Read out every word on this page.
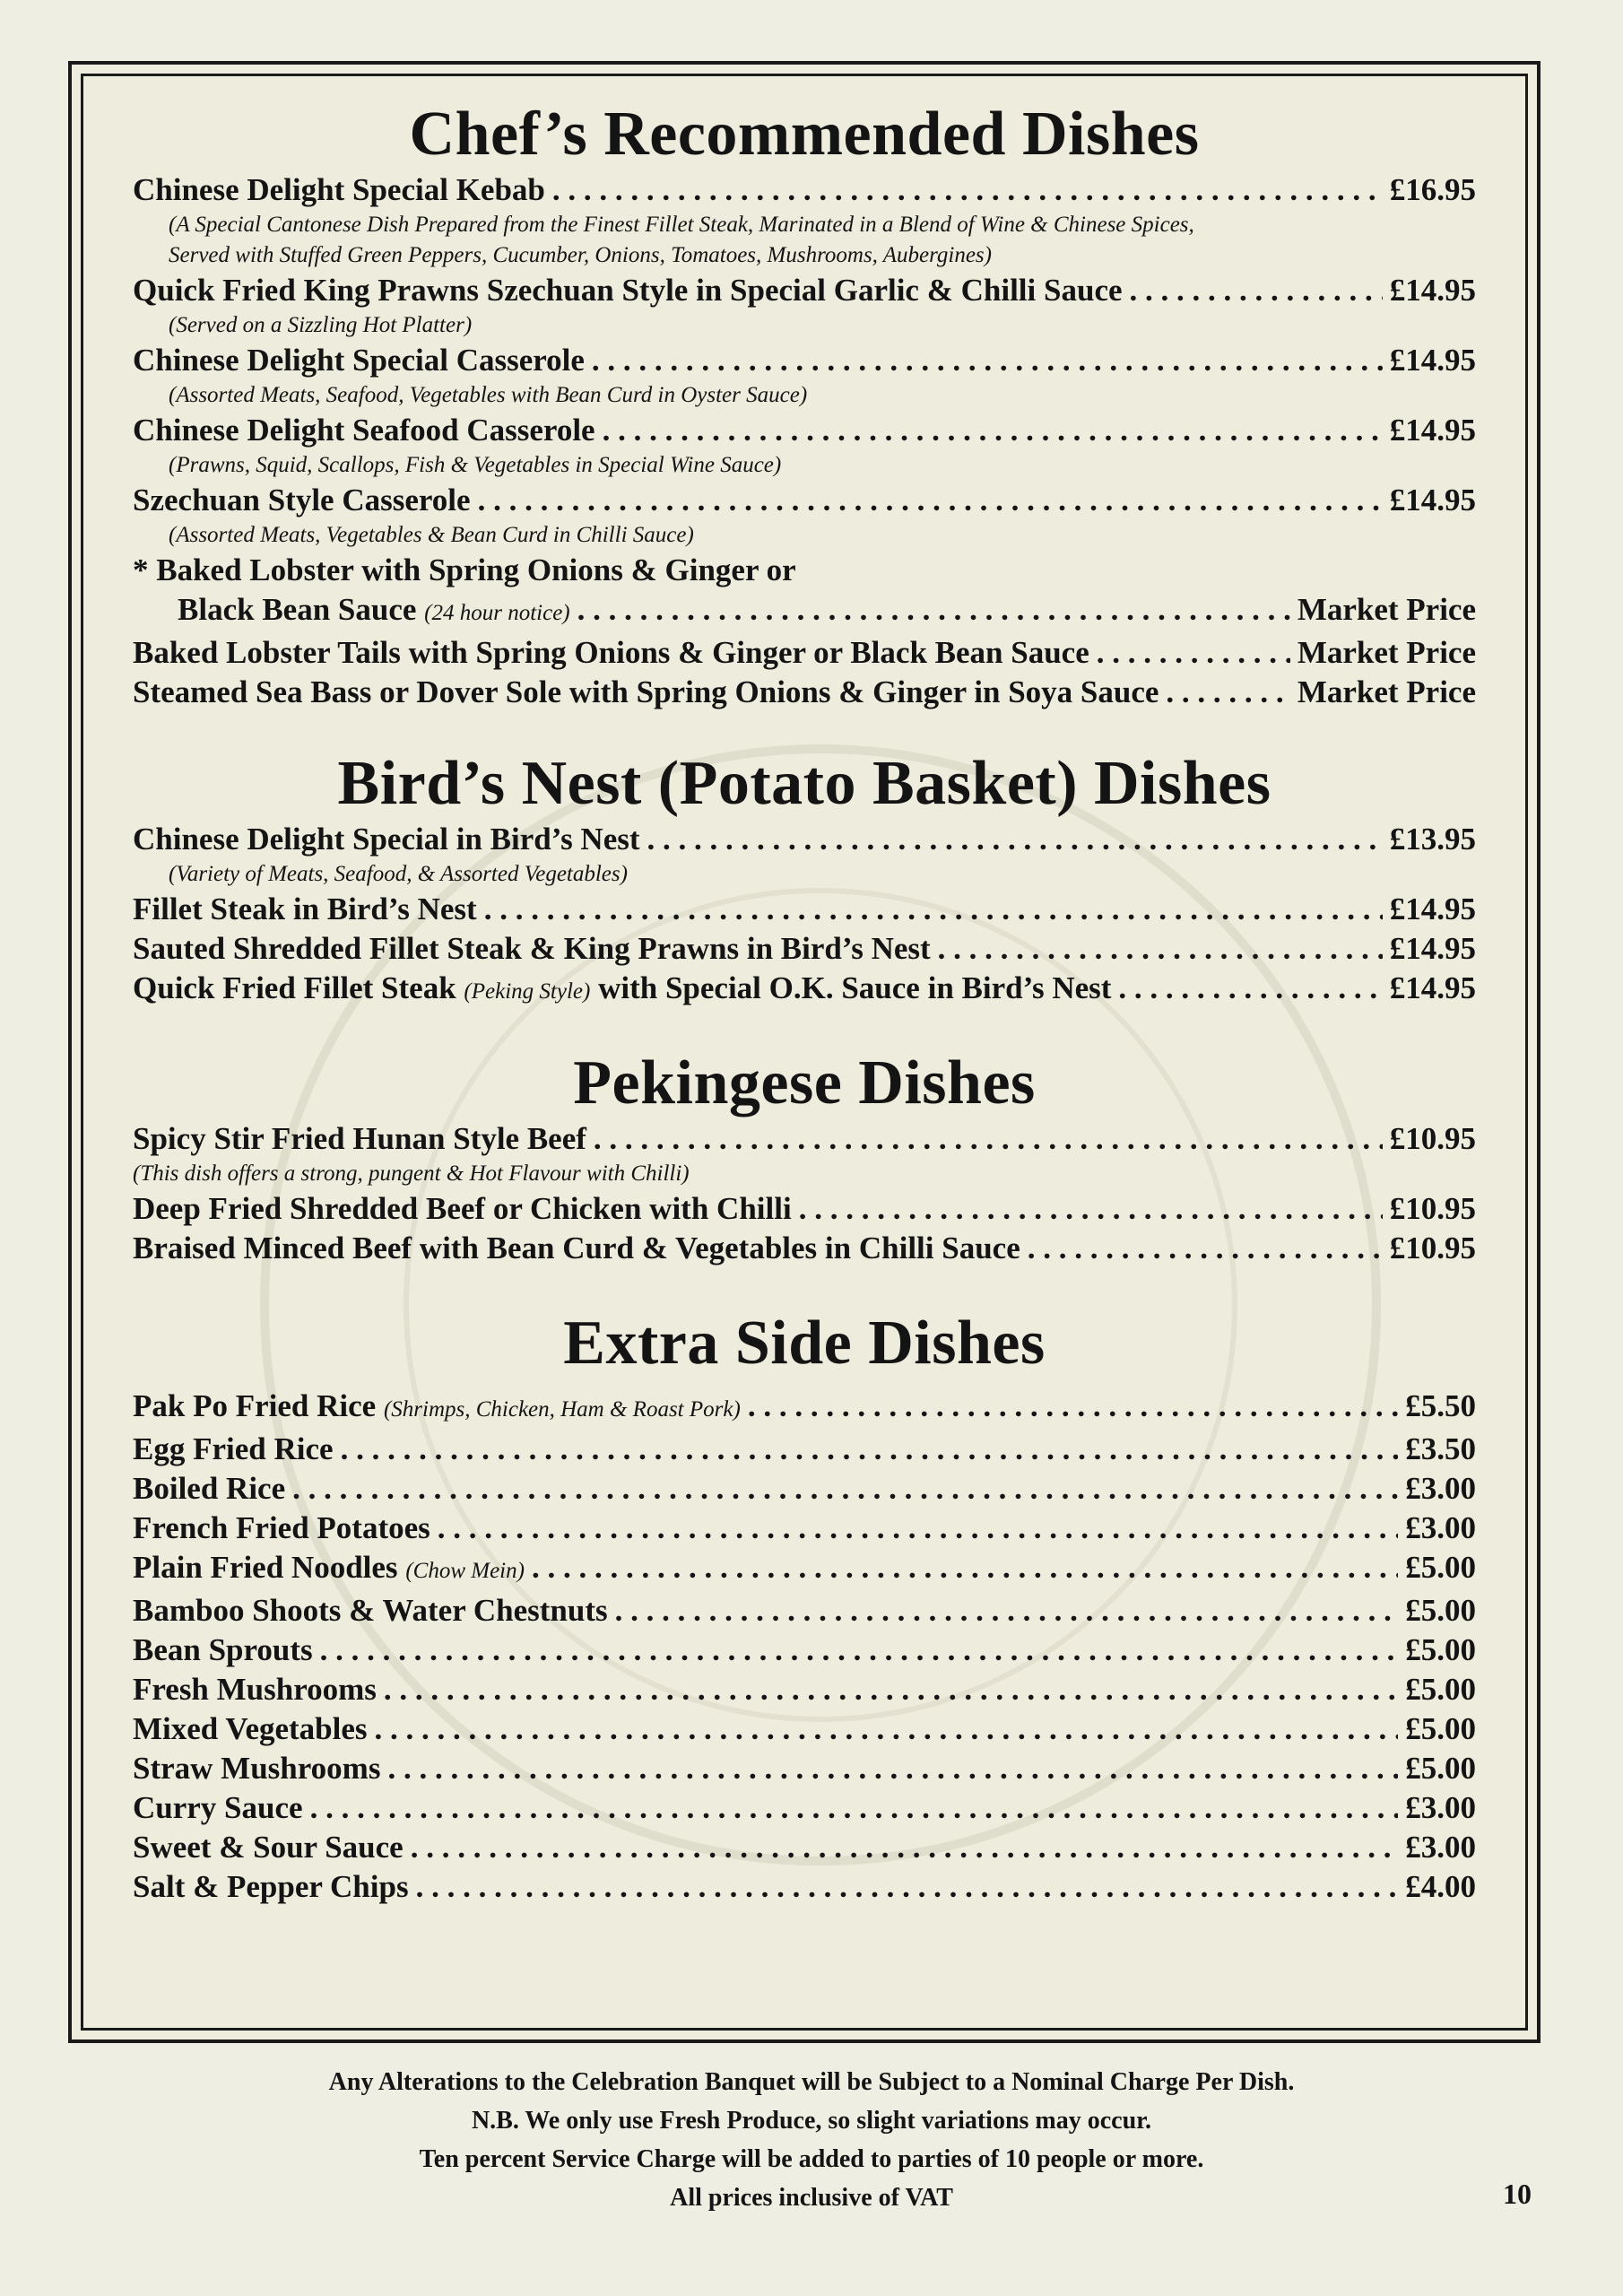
Chef’s Recommended Dishes
Chinese Delight Special Kebab . . .	£16.95
(A Special Cantonese Dish Prepared from the Finest Fillet Steak, Marinated in a Blend of Wine & Chinese Spices,
Served with Stuffed Green Peppers, Cucumber, Onions, Tomatoes, Mushrooms, Aubergines)
Quick Fried King Prawns Szechuan Style in Special Garlic & Chilli Sauce . . .	£14.95
(Served on a Sizzling Hot Platter)
Chinese Delight Special Casserole . . .	£14.95
(Assorted Meats, Seafood, Vegetables with Bean Curd in Oyster Sauce)
Chinese Delight Seafood Casserole . . .	£14.95
(Prawns, Squid, Scallops, Fish & Vegetables in Special Wine Sauce)
Szechuan Style Casserole . . .	£14.95
(Assorted Meats, Vegetables & Bean Curd in Chilli Sauce)
* Baked Lobster with Spring Onions & Ginger or
Black Bean Sauce (24 hour notice) . . .	Market Price
Baked Lobster Tails with Spring Onions & Ginger or Black Bean Sauce . . .	Market Price
Steamed Sea Bass or Dover Sole with Spring Onions & Ginger in Soya Sauce . . .	Market Price
Bird’s Nest (Potato Basket) Dishes
Chinese Delight Special in Bird’s Nest . . .	£13.95
(Variety of Meats, Seafood, & Assorted Vegetables)
Fillet Steak in Bird’s Nest . . .	£14.95
Sauted Shredded Fillet Steak & King Prawns in Bird’s Nest . . .	£14.95
Quick Fried Fillet Steak (Peking Style) with Special O.K. Sauce in Bird’s Nest . . .	£14.95
Pekingese Dishes
Spicy Stir Fried Hunan Style Beef . . .	£10.95
(This dish offers a strong, pungent & Hot Flavour with Chilli)
Deep Fried Shredded Beef or Chicken with Chilli . . .	£10.95
Braised Minced Beef with Bean Curd & Vegetables in Chilli Sauce . . .	£10.95
Extra Side Dishes
Pak Po Fried Rice (Shrimps, Chicken, Ham & Roast Pork) . . .	£5.50
Egg Fried Rice . . .	£3.50
Boiled Rice . . .	£3.00
French Fried Potatoes . . .	£3.00
Plain Fried Noodles (Chow Mein) . . .	£5.00
Bamboo Shoots & Water Chestnuts . . .	£5.00
Bean Sprouts . . .	£5.00
Fresh Mushrooms . . .	£5.00
Mixed Vegetables . . .	£5.00
Straw Mushrooms . . .	£5.00
Curry Sauce . . .	£3.00
Sweet & Sour Sauce . . .	£3.00
Salt & Pepper Chips . . .	£4.00
Any Alterations to the Celebration Banquet will be Subject to a Nominal Charge Per Dish.
N.B. We only use Fresh Produce, so slight variations may occur.
Ten percent Service Charge will be added to parties of 10 people or more.
All prices inclusive of VAT	10
